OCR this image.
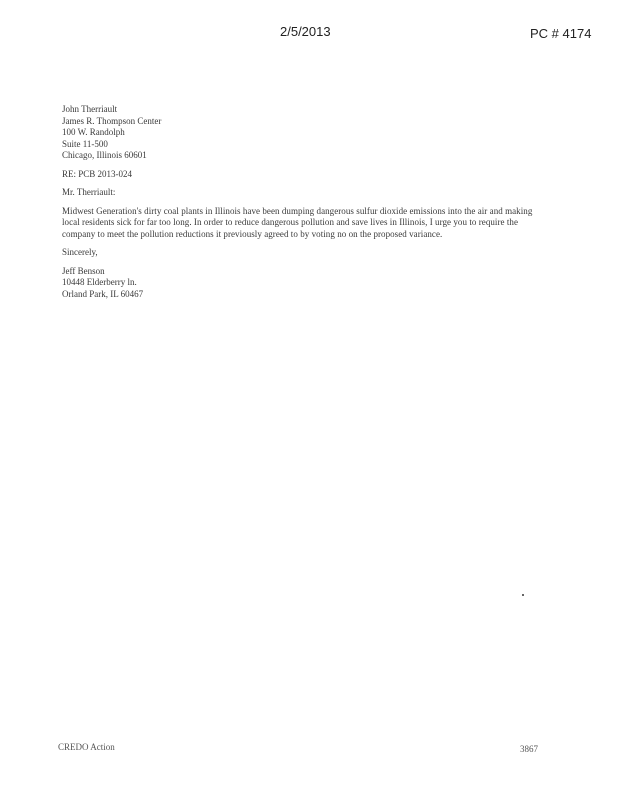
2/5/2013	PC # 4174
John Therriault
James R. Thompson Center
100 W. Randolph
Suite 11-500
Chicago, Illinois 60601
RE: PCB 2013-024
Mr. Therriault:
Midwest Generation's dirty coal plants in Illinois have been dumping dangerous sulfur dioxide emissions into the air and making local residents sick for far too long. In order to reduce dangerous pollution and save lives in Illinois, I urge you to require the company to meet the pollution reductions it previously agreed to by voting no on the proposed variance.
Sincerely,
Jeff Benson
10448 Elderberry ln.
Orland Park, IL 60467
CREDO Action	3867
